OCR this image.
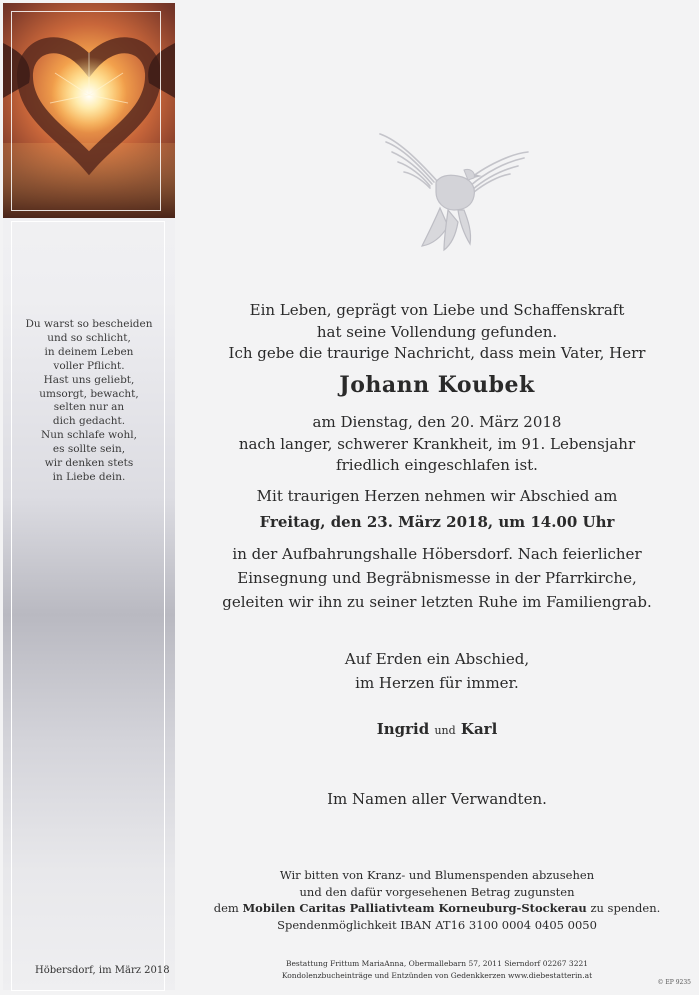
Du warst so bescheiden
und so schlicht,
in deinem Leben
voller Pflicht.
Hast uns geliebt,
umsorgt, bewacht,
selten nur an
dich gedacht.
Nun schlafe wohl,
es sollte sein,
wir denken stets
in Liebe dein.
Höbersdorf, im März 2018
Ein Leben, geprägt von Liebe und Schaffenskraft
hat seine Vollendung gefunden.
Ich gebe die traurige Nachricht, dass mein Vater, Herr
Johann Koubek
am Dienstag, den 20. März 2018
nach langer, schwerer Krankheit, im 91. Lebensjahr
friedlich eingeschlafen ist.
Mit traurigen Herzen nehmen wir Abschied am
Freitag, den 23. März 2018, um 14.00 Uhr
in der Aufbahrungshalle Höbersdorf. Nach feierlicher
Einsegnung und Begräbnismesse in der Pfarrkirche,
geleiten wir ihn zu seiner letzten Ruhe im Familiengrab.
Auf Erden ein Abschied,
im Herzen für immer.
Ingrid und Karl
Im Namen aller Verwandten.
Wir bitten von Kranz- und Blumenspenden abzusehen
und den dafür vorgesehenen Betrag zugunsten
dem Mobilen Caritas Palliativteam Korneuburg-Stockerau zu spenden.
Spendenmöglichkeit IBAN AT16 3100 0004 0405 0050
Bestattung Frittum MariaAnna, Obermallebarn 57, 2011 Sierndorf 02267 3221
Kondolenzbucheinträge und Entzünden von Gedenkkerzen www.diebestatterin.at
© EP 9235
